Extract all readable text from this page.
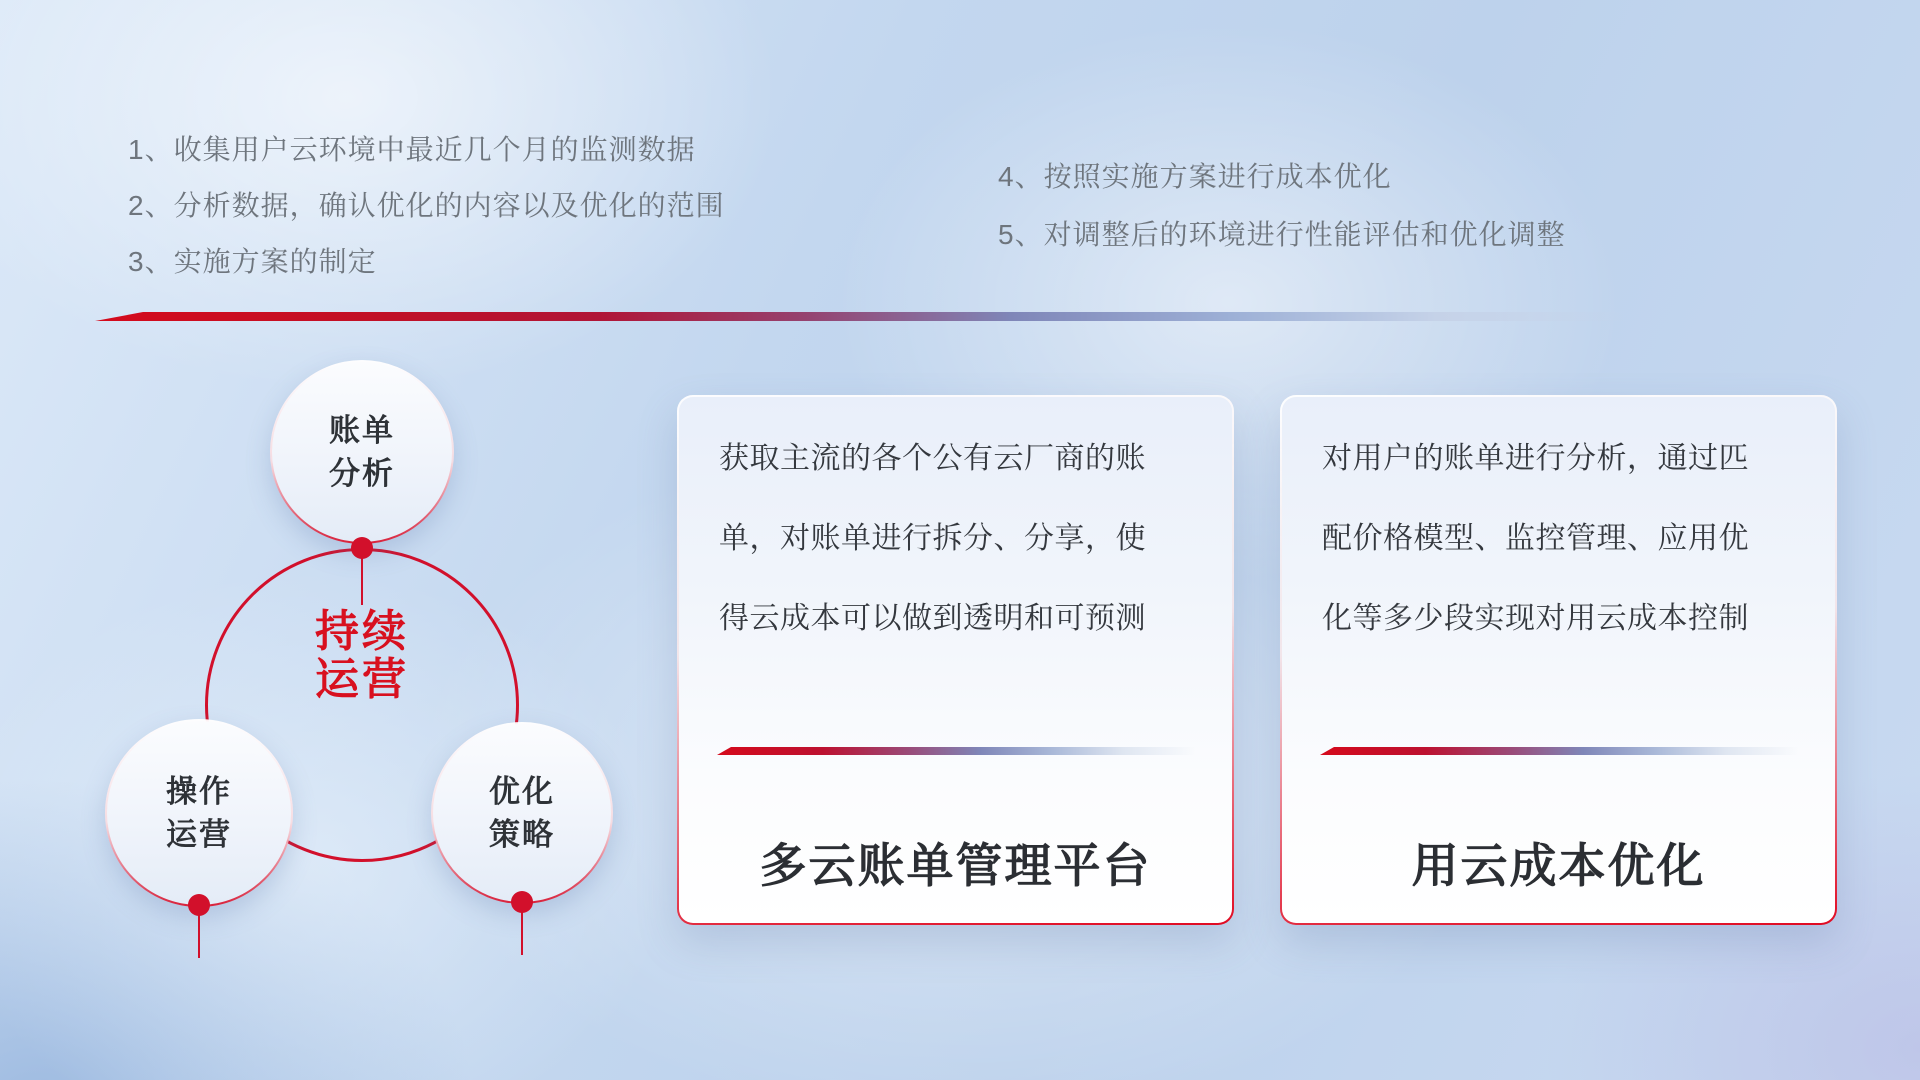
1、收集用户云环境中最近几个月的监测数据
2、分析数据，确认优化的内容以及优化的范围
3、实施方案的制定
4、按照实施方案进行成本优化
5、对调整后的环境进行性能评估和优化调整
账单
分析
操作
运营
优化
策略
持续
运营

获取主流的各个公有云厂商的账单，对账单进行拆分、分享，使得云成本可以做到透明和可预测

多云账单管理平台

对用户的账单进行分析，通过匹配价格模型、监控管理、应用优化等多少段实现对用云成本控制

用云成本优化
